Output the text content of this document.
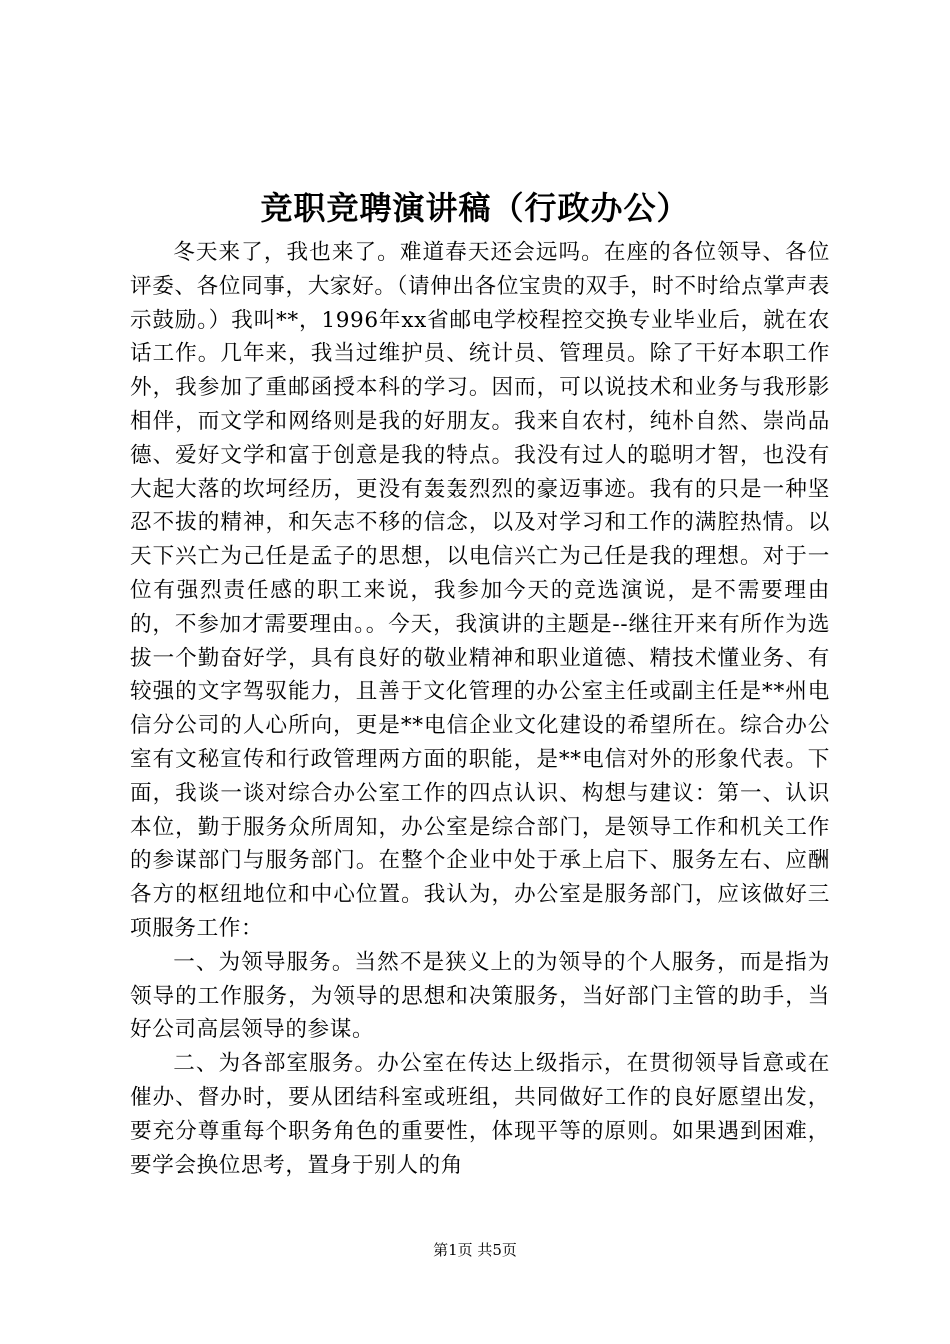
竞职竞聘演讲稿（行政办公）

冬天来了，我也来了。难道春天还会远吗。在座的各位领导、各位评委、各位同事，大家好。（请伸出各位宝贵的双手，时不时给点掌声表示鼓励。）我叫**，1996年xx省邮电学校程控交换专业毕业后，就在农话工作。几年来，我当过维护员、统计员、管理员。除了干好本职工作外，我参加了重邮函授本科的学习。因而，可以说技术和业务与我形影相伴，而文学和网络则是我的好朋友。我来自农村，纯朴自然、崇尚品德、爱好文学和富于创意是我的特点。我没有过人的聪明才智，也没有大起大落的坎坷经历，更没有轰轰烈烈的豪迈事迹。我有的只是一种坚忍不拔的精神，和矢志不移的信念，以及对学习和工作的满腔热情。以天下兴亡为己任是孟子的思想，以电信兴亡为己任是我的理想。对于一位有强烈责任感的职工来说，我参加今天的竞选演说，是不需要理由的，不参加才需要理由。。今天，我演讲的主题是--继往开来有所作为选拔一个勤奋好学，具有良好的敬业精神和职业道德、精技术懂业务、有较强的文字驾驭能力，且善于文化管理的办公室主任或副主任是**州电信分公司的人心所向，更是**电信企业文化建设的希望所在。综合办公室有文秘宣传和行政管理两方面的职能，是**电信对外的形象代表。下面，我谈一谈对综合办公室工作的四点认识、构想与建议：第一、认识本位，勤于服务众所周知，办公室是综合部门，是领导工作和机关工作的参谋部门与服务部门。在整个企业中处于承上启下、服务左右、应酬各方的枢纽地位和中心位置。我认为，办公室是服务部门，应该做好三项服务工作：

一、为领导服务。当然不是狭义上的为领导的个人服务，而是指为领导的工作服务，为领导的思想和决策服务，当好部门主管的助手，当好公司高层领导的参谋。

二、为各部室服务。办公室在传达上级指示，在贯彻领导旨意或在催办、督办时，要从团结科室或班组，共同做好工作的良好愿望出发，要充分尊重每个职务角色的重要性，体现平等的原则。如果遇到困难，要学会换位思考，置身于别人的角

第1页 共5页
